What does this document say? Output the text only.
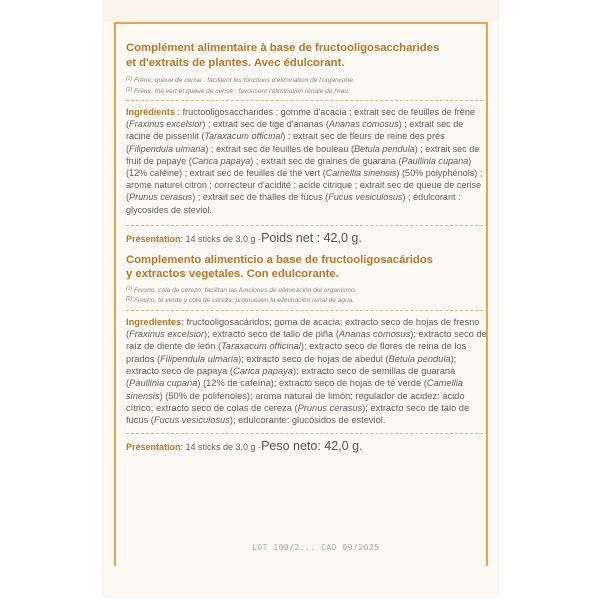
Complément alimentaire à base de fructooligosaccharides
et d'extraits de plantes. Avec édulcorant.
$^{(1)}$ Frêne, queue de cerise : facilitent les fonctions d'élimination de l'organisme.
$^{(2)}$ Frêne, thé vert et queue de cerise : favorisent l'élimination rénale de l'eau.

Ingrédients : fructooligosaccharides ; gomme d'acacia ; extrait sec de feuilles de frêne (Fraxinus excelsior) ; extrait sec de tige d'ananas (Ananas comosus) ; extrait sec de racine de pissenlit (Taraxacum officinal) ; extrait sec de fleurs de reine des prés (Filipendula ulmaria) ; extrait sec de feuilles de bouleau (Betula pendula) ; extrait sec de fruit de papaye (Carica papaya) ; extrait sec de graines de guarana (Paullinia cupana) (12% caféine) ; extrait sec de feuilles de thé vert (Camellia sinensis) (50% polyphénols) ; arome naturel citron ; correcteur d'acidité : acide citrique ; extrait sec de queue de cerise (Prunus cerasus) ; extrait sec de thalles de fucus (Fucus vesiculosus) ; édulcorant : glycosides de steviol.

Présentation : 14 sticks de 3,0 g - Poids net : 42,0 g.
Complemento alimenticio a base de fructooligosacáridos
y extractos vegetales. Con edulcorante.
$^{(1)}$ Fresno, cola de cerezo: facilitan las funciones de eliminación del organismo.
$^{(2)}$ Fresno, té verde y cola de cereza: promueven la eliminación renal de agua.

Ingredientes: fructooligosacáridos; goma de acacia; extracto seco de hojas de fresno (Fraxinus excelsior); extracto seco de tallo de piña (Ananas comosus); extracto seco de raíz de diente de león (Taraxacum officinal); extracto seco de flores de reina de los prados (Filipendula ulmaria); extracto seco de hojas de abedul (Betula pendula); extracto seco de papaya (Carica papaya); extracto seco de semillas de guaraná (Paullinia cupana) (12% de cafeína); extracto seco de hojas de té verde (Camellia sinensis) (50% de polifenoles); aroma natural de limón; regulador de acidez: ácido cítrico; extracto seco de colas de cereza (Prunus cerasus); extracto seco de talo de fucus (Fucus vesiculosus); edulcorante: glucósidos de esteviol.

Présentation : 14 sticks de 3,0 g - Peso neto: 42,0 g.
LOT 100/2... CAD 09/2025
